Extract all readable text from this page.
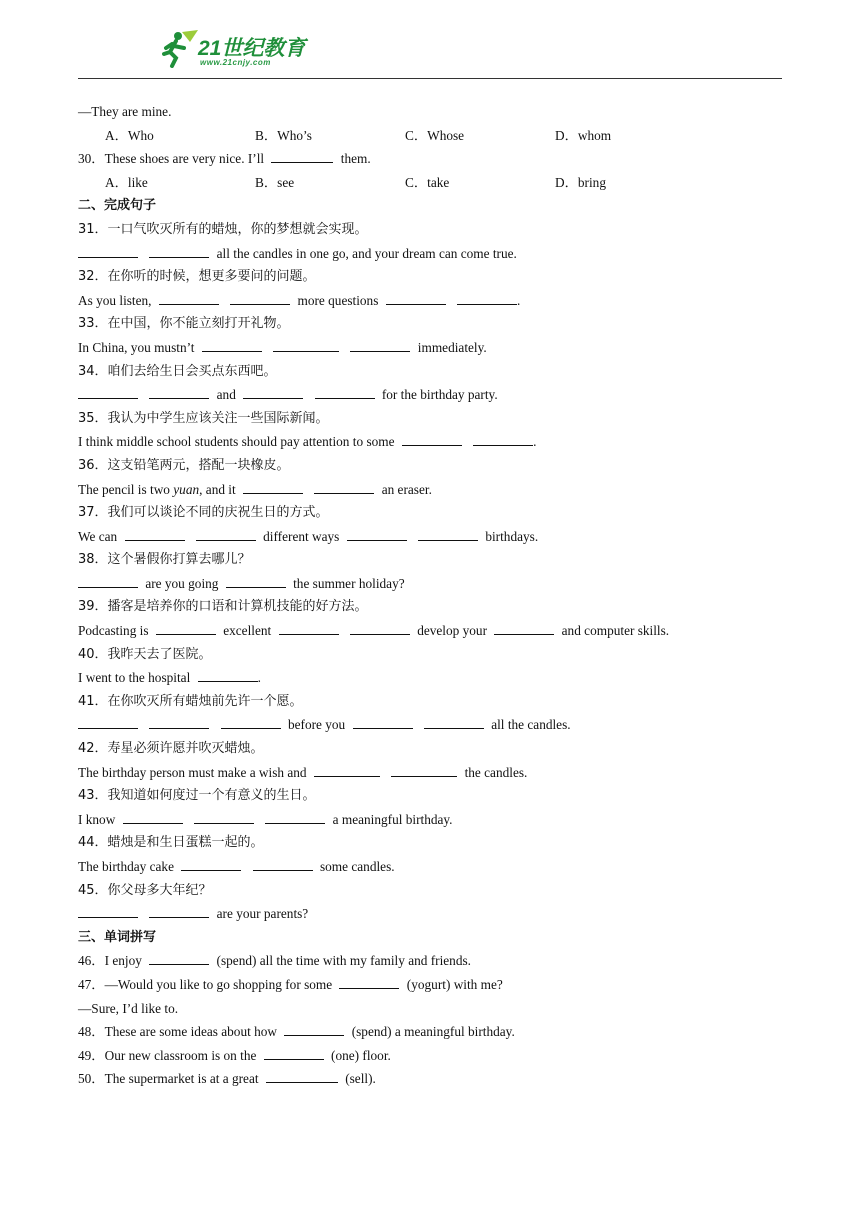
21世纪教育
www.21cnjy.com
—They are mine.
A．Who	B．Who’s	C．Whose	D．whom
30．These shoes are very nice. I’ll	them.
A．like	B．see	C．take	D．bring
二、完成句子
31．一口气吹灭所有的蜡烛，你的梦想就会实现。
all the candles in one go, and your dream can come true.
32．在你听的时候，想更多要问的问题。
As you listen,	more questions	.
33．在中国，你不能立刻打开礼物。
In China, you mustn’t	immediately.
34．咱们去给生日会买点东西吧。
and	for the birthday party.
35．我认为中学生应该关注一些国际新闻。
I think middle school students should pay attention to some	.
36．这支铅笔两元，搭配一块橡皮。
The pencil is two yuan, and it	an eraser.
37．我们可以谈论不同的庆祝生日的方式。
We can	different ways	birthdays.
38．这个暑假你打算去哪儿？
are you going	the summer holiday?
39．播客是培养你的口语和计算机技能的好方法。
Podcasting is	excellent	develop your	and computer skills.
40．我昨天去了医院。
I went to the hospital	.
41．在你吹灭所有蜡烛前先许一个愿。
before you	all the candles.
42．寿星必须许愿并吹灭蜡烛。
The birthday person must make a wish and	the candles.
43．我知道如何度过一个有意义的生日。
I know	a meaningful birthday.
44．蜡烛是和生日蛋糕一起的。
The birthday cake	some candles.
45．你父母多大年纪？
are your parents?
三、单词拼写
46．I enjoy	(spend) all the time with my family and friends.
47．—Would you like to go shopping for some	(yogurt) with me?
—Sure, I’d like to.
48．These are some ideas about how	(spend) a meaningful birthday.
49．Our new classroom is on the	(one) floor.
50．The supermarket is at a great	(sell).
